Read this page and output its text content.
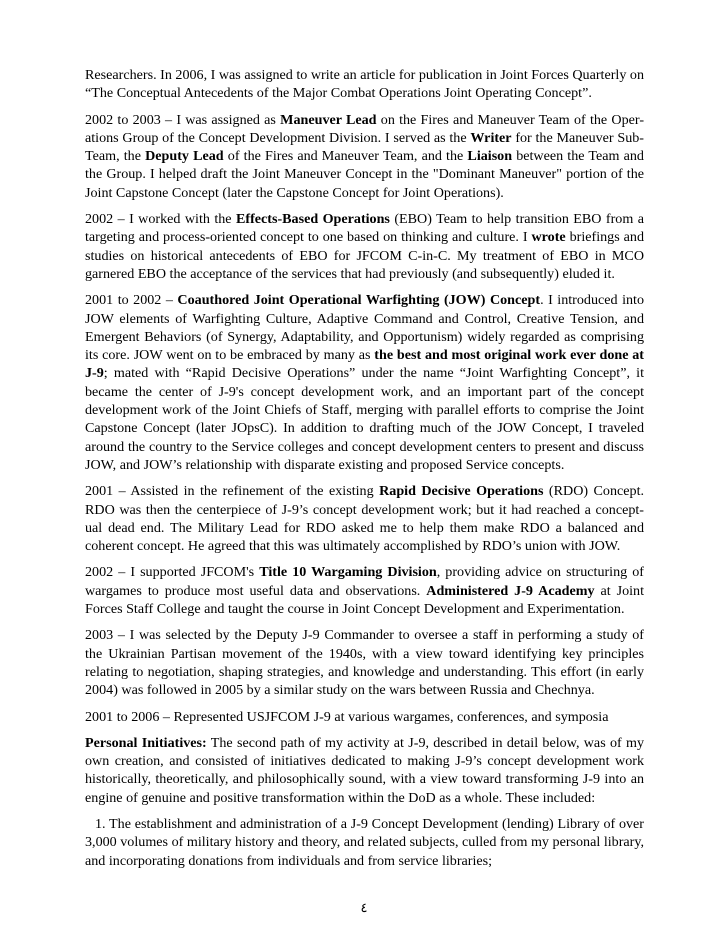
Researchers. In 2006, I was assigned to write an article for publication in Joint Forces Quarterly on “The Conceptual Antecedents of the Major Combat Operations Joint Operating Concept”.

2002 to 2003 – I was assigned as Maneuver Lead on the Fires and Maneuver Team of the Oper-ations Group of the Concept Development Division. I served as the Writer for the Maneuver Sub-Team, the Deputy Lead of the Fires and Maneuver Team, and the Liaison between the Team and the Group. I helped draft the Joint Maneuver Concept in the "Dominant Maneuver" portion of the Joint Capstone Concept (later the Capstone Concept for Joint Operations).

2002 – I worked with the Effects-Based Operations (EBO) Team to help transition EBO from a targeting and process-oriented concept to one based on thinking and culture. I wrote briefings and studies on historical antecedents of EBO for JFCOM C-in-C. My treatment of EBO in MCO garnered EBO the acceptance of the services that had previously (and subsequently) eluded it.

2001 to 2002 – Coauthored Joint Operational Warfighting (JOW) Concept. I introduced into JOW elements of Warfighting Culture, Adaptive Command and Control, Creative Tension, and Emergent Behaviors (of Synergy, Adaptability, and Opportunism) widely regarded as comprising its core. JOW went on to be embraced by many as the best and most original work ever done at J-9; mated with “Rapid Decisive Operations” under the name “Joint Warfighting Concept”, it became the center of J-9's concept development work, and an important part of the concept development work of the Joint Chiefs of Staff, merging with parallel efforts to comprise the Joint Capstone Concept (later JOpsC). In addition to drafting much of the JOW Concept, I traveled around the country to the Service colleges and concept development centers to present and discuss JOW, and JOW’s relationship with disparate existing and proposed Service concepts.

2001 – Assisted in the refinement of the existing Rapid Decisive Operations (RDO) Concept. RDO was then the centerpiece of J-9’s concept development work; but it had reached a concept-ual dead end. The Military Lead for RDO asked me to help them make RDO a balanced and coherent concept. He agreed that this was ultimately accomplished by RDO’s union with JOW.

2002 – I supported JFCOM's Title 10 Wargaming Division, providing advice on structuring of wargames to produce most useful data and observations. Administered J-9 Academy at Joint Forces Staff College and taught the course in Joint Concept Development and Experimentation.

2003 – I was selected by the Deputy J-9 Commander to oversee a staff in performing a study of the Ukrainian Partisan movement of the 1940s, with a view toward identifying key principles relating to negotiation, shaping strategies, and knowledge and understanding. This effort (in early 2004) was followed in 2005 by a similar study on the wars between Russia and Chechnya.

2001 to 2006 – Represented USJFCOM J-9 at various wargames, conferences, and symposia

Personal Initiatives: The second path of my activity at J-9, described in detail below, was of my own creation, and consisted of initiatives dedicated to making J-9’s concept development work historically, theoretically, and philosophically sound, with a view toward transforming J-9 into an engine of genuine and positive transformation within the DoD as a whole. These included:

1. The establishment and administration of a J-9 Concept Development (lending) Library of over 3,000 volumes of military history and theory, and related subjects, culled from my personal library, and incorporating donations from individuals and from service libraries;

٤
